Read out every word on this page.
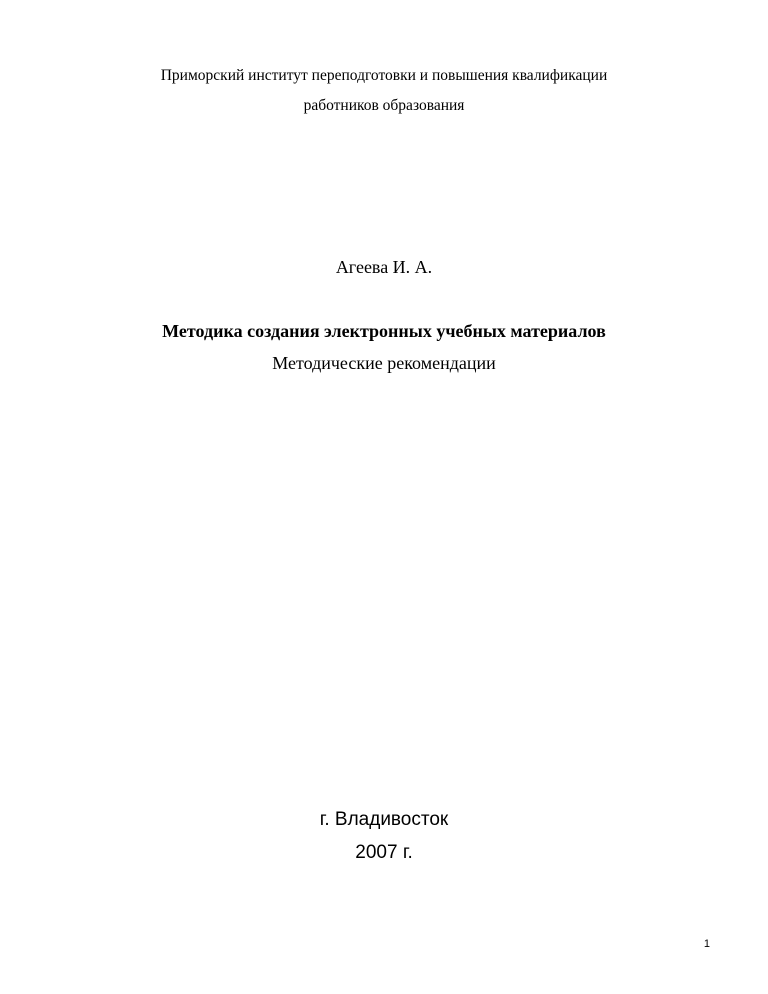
Приморский институт переподготовки и повышения квалификации
работников образования
Агеева И. А.
Методика создания электронных учебных материалов
Методические рекомендации
г. Владивосток
2007 г.
1
